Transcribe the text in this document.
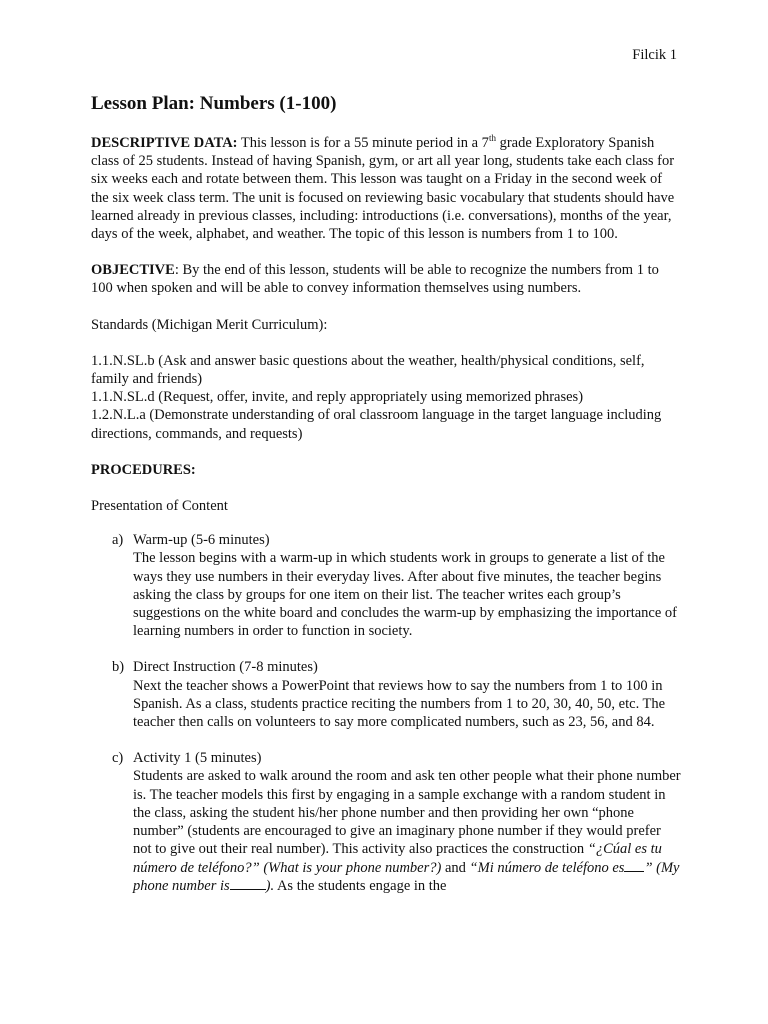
Filcik 1
Lesson Plan: Numbers (1-100)

DESCRIPTIVE DATA: This lesson is for a 55 minute period in a 7th grade Exploratory Spanish class of 25 students. Instead of having Spanish, gym, or art all year long, students take each class for six weeks each and rotate between them. This lesson was taught on a Friday in the second week of the six week class term. The unit is focused on reviewing basic vocabulary that students should have learned already in previous classes, including: introductions (i.e. conversations), months of the year, days of the week, alphabet, and weather. The topic of this lesson is numbers from 1 to 100.

OBJECTIVE: By the end of this lesson, students will be able to recognize the numbers from 1 to 100 when spoken and will be able to convey information themselves using numbers.

Standards (Michigan Merit Curriculum):

1.1.N.SL.b (Ask and answer basic questions about the weather, health/physical conditions, self, family and friends)
1.1.N.SL.d (Request, offer, invite, and reply appropriately using memorized phrases)
1.2.N.L.a (Demonstrate understanding of oral classroom language in the target language including directions, commands, and requests)

PROCEDURES:

Presentation of Content

a) Warm-up (5-6 minutes)
The lesson begins with a warm-up in which students work in groups to generate a list of the ways they use numbers in their everyday lives. After about five minutes, the teacher begins asking the class by groups for one item on their list. The teacher writes each group’s suggestions on the white board and concludes the warm-up by emphasizing the importance of learning numbers in order to function in society.
b) Direct Instruction (7-8 minutes)
Next the teacher shows a PowerPoint that reviews how to say the numbers from 1 to 100 in Spanish. As a class, students practice reciting the numbers from 1 to 20, 30, 40, 50, etc. The teacher then calls on volunteers to say more complicated numbers, such as 23, 56, and 84.
c) Activity 1 (5 minutes)
Students are asked to walk around the room and ask ten other people what their phone number is. The teacher models this first by engaging in a sample exchange with a random student in the class, asking the student his/her phone number and then providing her own “phone number” (students are encouraged to give an imaginary phone number if they would prefer not to give out their real number). This activity also practices the construction “¿Cúal es tu número de teléfono?” (What is your phone number?) and “Mi número de teléfono es ” (My phone number is ). As the students engage in the
